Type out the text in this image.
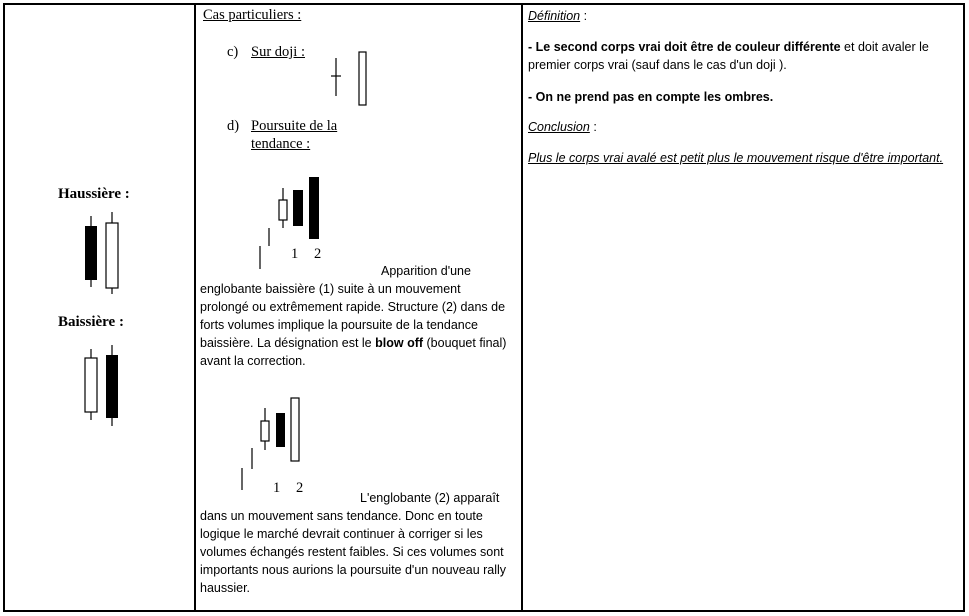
Haussière :
Baissière :
Cas particuliers :
c) Sur doji :
d) Poursuite de la
tendance :
1 2
Apparition d'une
englobante baissière (1) suite à un mouvement
prolongé ou extrêmement rapide. Structure (2) dans de
forts volumes implique la poursuite de la tendance
baissière. La désignation est le blow off (bouquet final)
avant la correction.
1 2
L'englobante (2) apparaît
dans un mouvement sans tendance. Donc en toute
logique le marché devrait continuer à corriger si les
volumes échangés restent faibles. Si ces volumes sont
importants nous aurions la poursuite d'un nouveau rally
haussier.
Définition :
- Le second corps vrai doit être de couleur différente et doit avaler le
premier corps vrai (sauf dans le cas d'un doji ).
- On ne prend pas en compte les ombres.
Conclusion :
Plus le corps vrai avalé est petit plus le mouvement risque d'être important.
